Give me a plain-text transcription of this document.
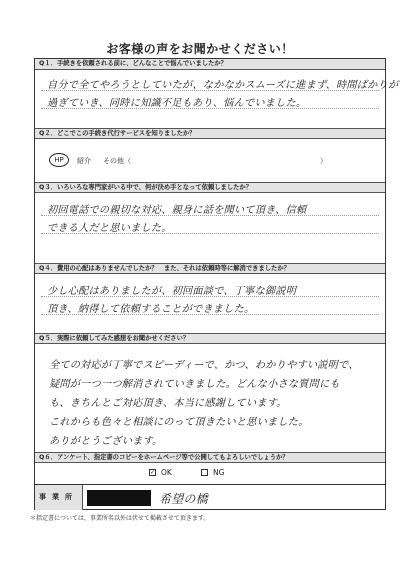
お客様の声をお聞かせください！
Q１．手続きを依頼される前に、どんなことで悩んでいましたか？
自分で全てやろうとしていたが、なかなかスムーズに進まず、時間ばかりが
過ぎていき、同時に知識不足もあり、悩んでいました。
Q２．どこでこの手続き代行サービスを知りましたか？
HP	紹介 その他（	）
Q３．いろいろな専門家がいる中で、何が決め手となって依頼しましたか？
初回電話での親切な対応、親身に話を聞いて頂き、信頼
できる人だと思いました。
Q４．費用の心配はありませんでしたか？　また、それは依頼時等に解消できましたか？
少し心配はありましたが、初回面談で、丁寧な御説明
頂き、納得して依頼することができました。
Q５．実際に依頼してみた感想をお聞かせください？
全ての対応が丁寧でスピーディーで、かつ、わかりやすい説明で、
疑問が一つ一つ解消されていきました。どんな小さな質問にも
も、きちんとご対応頂き、本当に感謝しています。
これからも色々と相談にのって頂きたいと思いました。
ありがとうございます。
Q６．アンケート、指定書のコピーをホームページ等で公開してもよろしいでしょうか？
✓ OK	NG
事業所	希望の橋
＊指定書については、事業所名以外は伏せて掲載させて頂きます。
